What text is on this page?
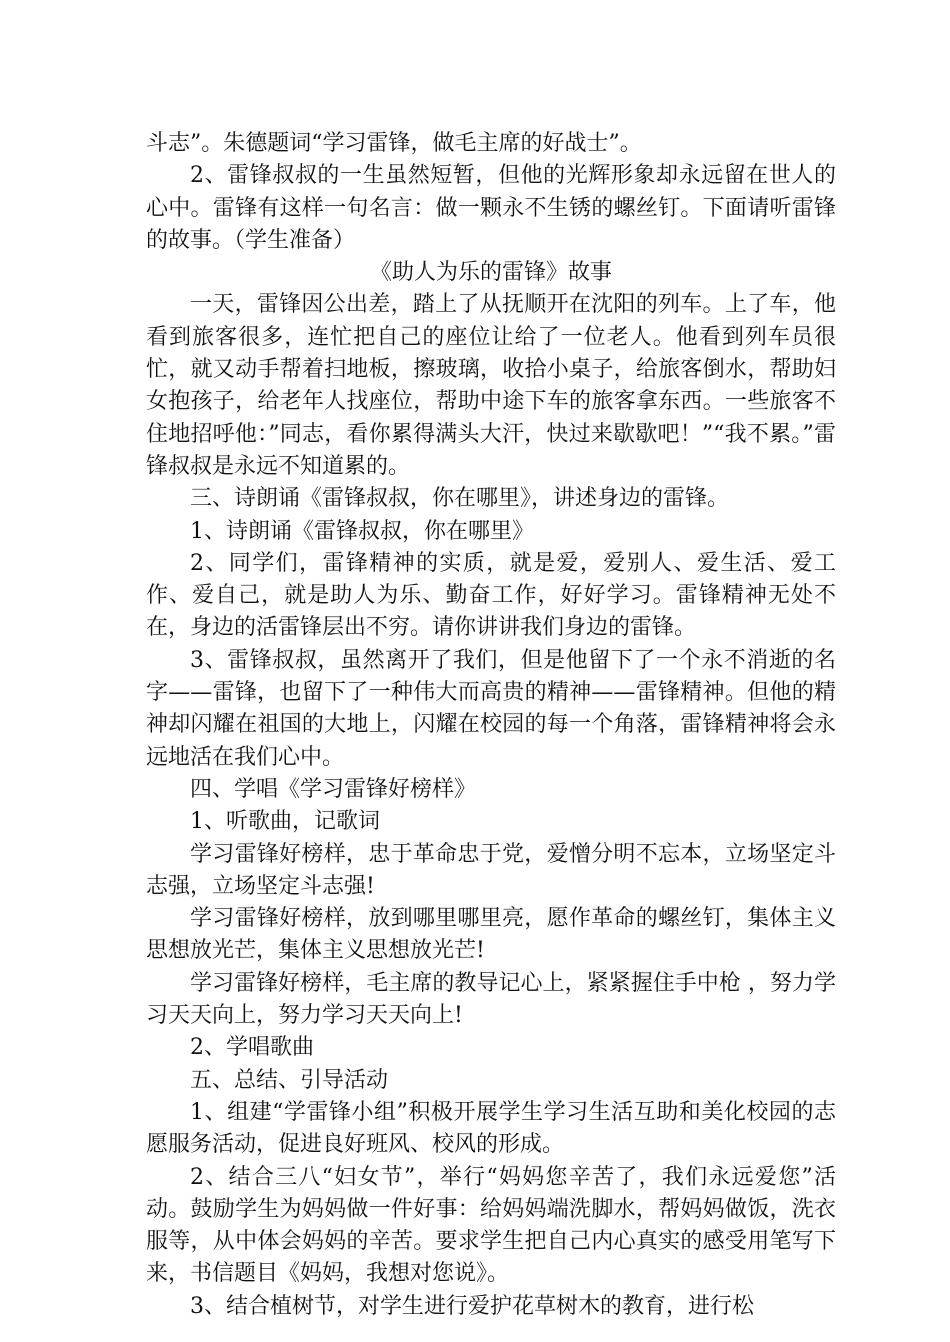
斗志”。朱德题词“学习雷锋，做毛主席的好战士”。

2、雷锋叔叔的一生虽然短暂，但他的光辉形象却永远留在世人的心中。雷锋有这样一句名言：做一颗永不生锈的螺丝钉。下面请听雷锋的故事。（学生准备）

《助人为乐的雷锋》故事

一天，雷锋因公出差，踏上了从抚顺开在沈阳的列车。上了车，他看到旅客很多，连忙把自己的座位让给了一位老人。他看到列车员很忙，就又动手帮着扫地板，擦玻璃，收拾小桌子，给旅客倒水，帮助妇女抱孩子，给老年人找座位，帮助中途下车的旅客拿东西。一些旅客不住地招呼他：”同志，看你累得满头大汗，快过来歇歇吧！”“我不累。”雷锋叔叔是永远不知道累的。

三、诗朗诵《雷锋叔叔，你在哪里》，讲述身边的雷锋。

1、诗朗诵《雷锋叔叔，你在哪里》

2、同学们，雷锋精神的实质，就是爱，爱别人、爱生活、爱工作、爱自己，就是助人为乐、勤奋工作，好好学习。雷锋精神无处不在，身边的活雷锋层出不穷。请你讲讲我们身边的雷锋。

3、雷锋叔叔，虽然离开了我们，但是他留下了一个永不消逝的名字——雷锋，也留下了一种伟大而高贵的精神——雷锋精神。但他的精神却闪耀在祖国的大地上，闪耀在校园的每一个角落，雷锋精神将会永远地活在我们心中。

四、学唱《学习雷锋好榜样》

1、听歌曲，记歌词

学习雷锋好榜样，忠于革命忠于党，爱憎分明不忘本，立场坚定斗志强，立场坚定斗志强!

学习雷锋好榜样，放到哪里哪里亮，愿作革命的螺丝钉，集体主义思想放光芒，集体主义思想放光芒!

学习雷锋好榜样，毛主席的教导记心上，紧紧握住手中枪 ，努力学习天天向上，努力学习天天向上!

2、学唱歌曲

五、总结、引导活动

1、组建“学雷锋小组”积极开展学生学习生活互助和美化校园的志愿服务活动，促进良好班风、校风的形成。

2、结合三八“妇女节”，举行“妈妈您辛苦了，我们永远爱您”活动。鼓励学生为妈妈做一件好事：给妈妈端洗脚水，帮妈妈做饭，洗衣服等，从中体会妈妈的辛苦。要求学生把自己内心真实的感受用笔写下来，书信题目《妈妈，我想对您说》。

3、结合植树节，对学生进行爱护花草树木的教育，进行松
